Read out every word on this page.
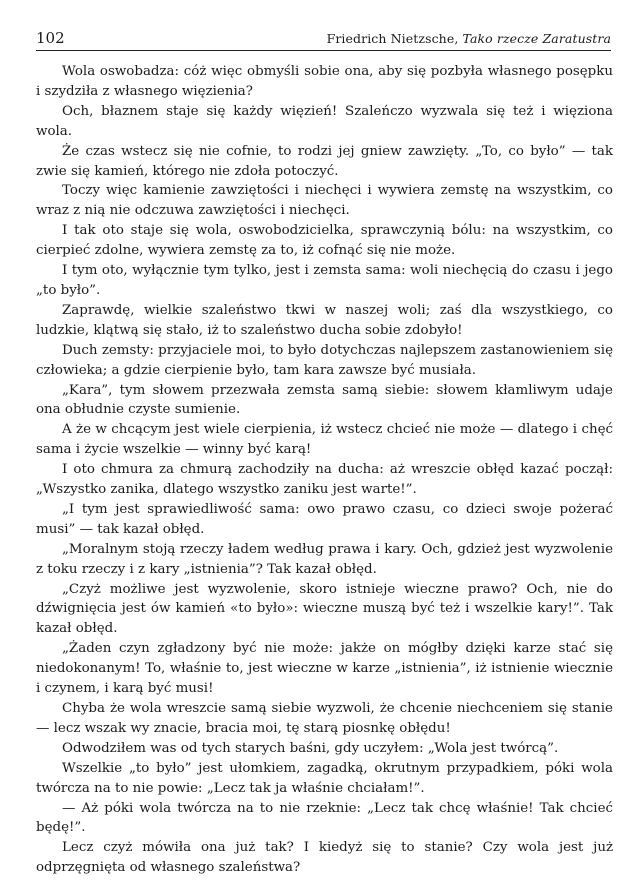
102	Friedrich Nietzsche, Tako rzecze Zaratustra

Wola oswobadza: cóż więc obmyśli sobie ona, aby się pozbyła własnego posępku i szydziła z własnego więzienia?

Och, błaznem staje się każdy więzień! Szaleńczo wyzwala się też i więziona wola.

Że czas wstecz się nie cofnie, to rodzi jej gniew zawzięty. „To, co było” — tak zwie się kamień, którego nie zdoła potoczyć.

Toczy więc kamienie zawziętości i niechęci i wywiera zemstę na wszystkim, co wraz z nią nie odczuwa zawziętości i niechęci.

I tak oto staje się wola, oswobodzicielka, sprawczynią bólu: na wszystkim, co cierpieć zdolne, wywiera zemstę za to, iż cofnąć się nie może.

I tym oto, wyłącznie tym tylko, jest i zemsta sama: woli niechęcią do czasu i jego „to było”.

Zaprawdę, wielkie szaleństwo tkwi w naszej woli; zaś dla wszystkiego, co ludzkie, klątwą się stało, iż to szaleństwo ducha sobie zdobyło!

Duch zemsty: przyjaciele moi, to było dotychczas najlepszem zastanowieniem się człowieka; a gdzie cierpienie było, tam kara zawsze być musiała.

„Kara”, tym słowem przezwała zemsta samą siebie: słowem kłamliwym udaje ona obłudnie czyste sumienie.

A że w chcącym jest wiele cierpienia, iż wstecz chcieć nie może — dlatego i chęć sama i życie wszelkie — winny być karą!

I oto chmura za chmurą zachodziły na ducha: aż wreszcie obłęd kazać począł: „Wszystko zanika, dlatego wszystko zaniku jest warte!”.

„I tym jest sprawiedliwość sama: owo prawo czasu, co dzieci swoje pożerać musi” — tak kazał obłęd.

„Moralnym stoją rzeczy ładem według prawa i kary. Och, gdzież jest wyzwolenie z toku rzeczy i z kary „istnienia”? Tak kazał obłęd.

„Czyż możliwe jest wyzwolenie, skoro istnieje wieczne prawo? Och, nie do dźwignięcia jest ów kamień «to było»: wieczne muszą być też i wszelkie kary!”. Tak kazał obłęd.

„Żaden czyn zgładzony być nie może: jakże on mógłby dzięki karze stać się niedokonanym! To, właśnie to, jest wieczne w karze „istnienia”, iż istnienie wiecznie i czynem, i karą być musi!

Chyba że wola wreszcie samą siebie wyzwoli, że chcenie niechceniem się stanie — lecz wszak wy znacie, bracia moi, tę starą piosnkę obłędu!

Odwodziłem was od tych starych baśni, gdy uczyłem: „Wola jest twórcą”.

Wszelkie „to było” jest ułomkiem, zagadką, okrutnym przypadkiem, póki wola twórcza na to nie powie: „Lecz tak ja właśnie chciałam!”.

— Aż póki wola twórcza na to nie rzeknie: „Lecz tak chcę właśnie! Tak chcieć będę!”.

Lecz czyż mówiła ona już tak? I kiedyż się to stanie? Czy wola jest już odprzęgnięta od własnego szaleństwa?
